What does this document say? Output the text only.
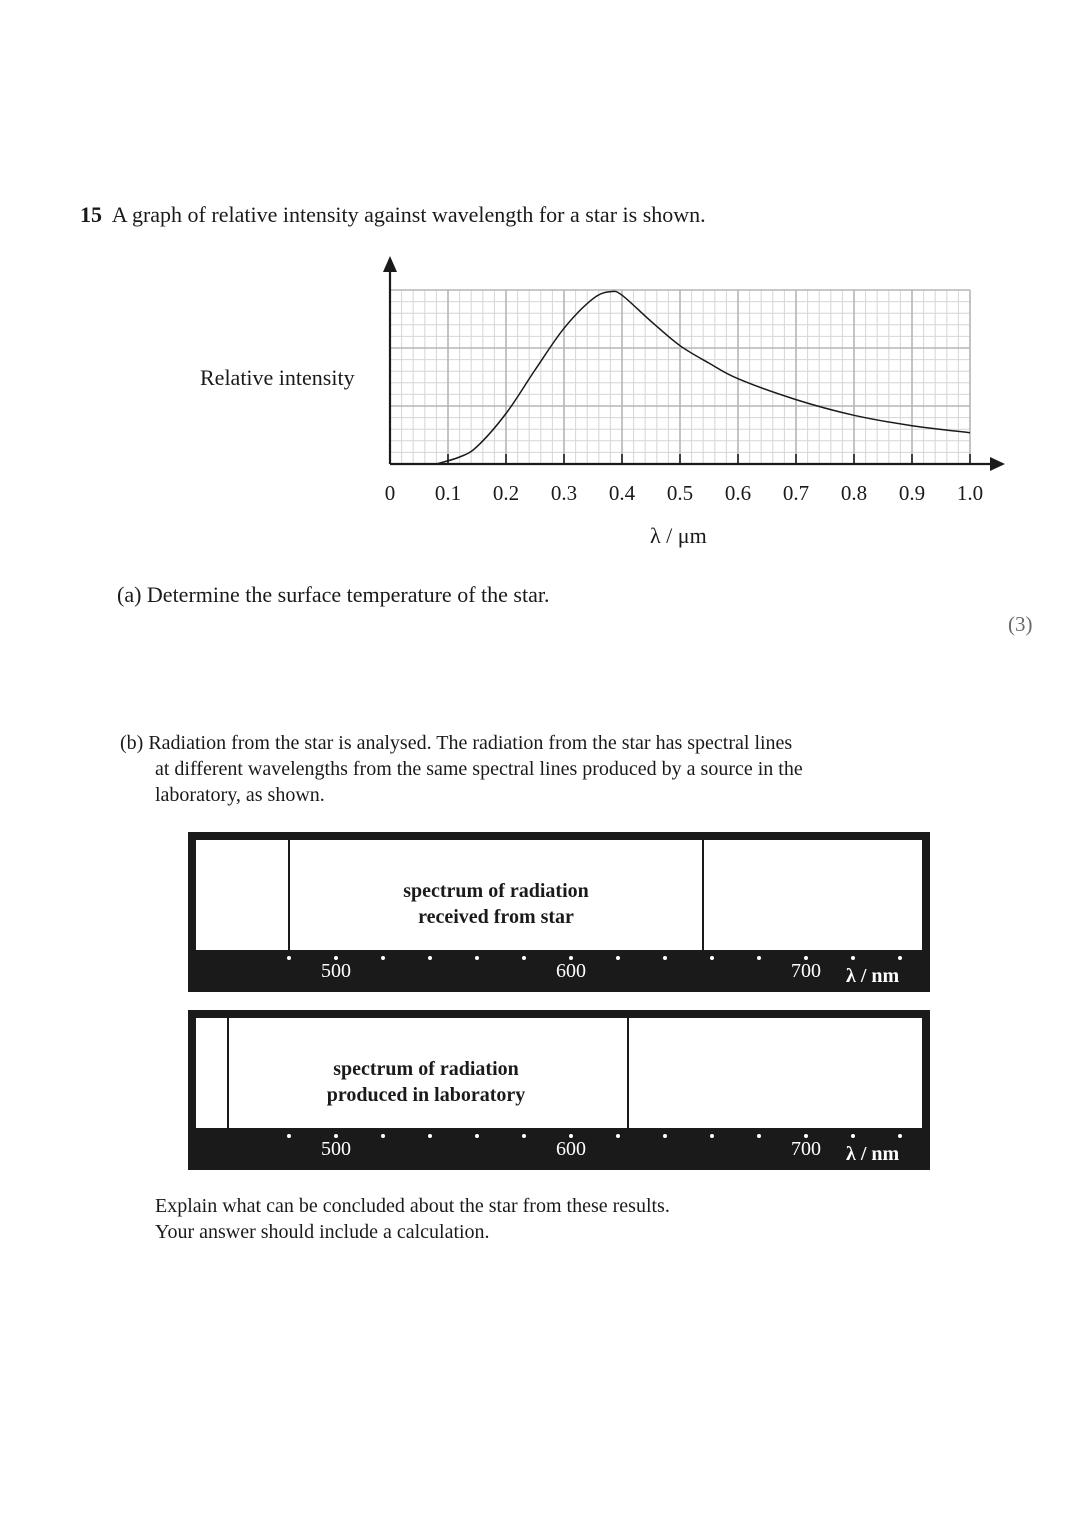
15 A graph of relative intensity against wavelength for a star is shown.
0 0.1 0.2 0.3 0.4 0.5 0.6 0.7 0.8 0.9 1.0
Relative intensity
λ / μm
(a) Determine the surface temperature of the star.
(3)
(b) Radiation from the star is analysed. The radiation from the star has spectral lines
at different wavelengths from the same spectral lines produced by a source in the
laboratory, as shown.
spectrum of radiation
received from star
500	600	700 λ / nm
spectrum of radiation
produced in laboratory
500	600	700 λ / nm
Explain what can be concluded about the star from these results.
Your answer should include a calculation.
